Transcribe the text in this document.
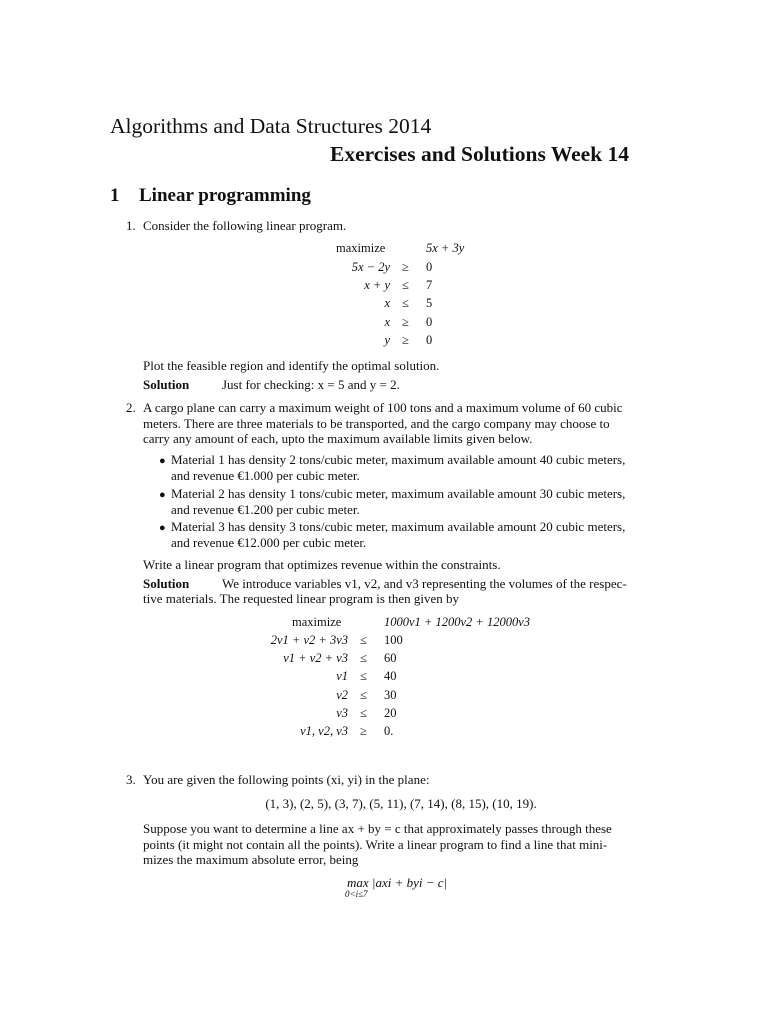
Algorithms and Data Structures 2014
Exercises and Solutions Week 14
1 Linear programming
1. Consider the following linear program.
maximize	5x + 3y
5x − 2y ≥ 0
x + y ≤ 7
x ≤ 5
x ≥ 0
y ≥ 0
Plot the feasible region and identify the optimal solution.
Solution	Just for checking: x = 5 and y = 2.
2. A cargo plane can carry a maximum weight of 100 tons and a maximum volume of 60 cubic
meters. There are three materials to be transported, and the cargo company may choose to
carry any amount of each, upto the maximum available limits given below.
● Material 1 has density 2 tons/cubic meter, maximum available amount 40 cubic meters,
and revenue €1.000 per cubic meter.
● Material 2 has density 1 tons/cubic meter, maximum available amount 30 cubic meters,
and revenue €1.200 per cubic meter.
● Material 3 has density 3 tons/cubic meter, maximum available amount 20 cubic meters,
and revenue €12.000 per cubic meter.
Write a linear program that optimizes revenue within the constraints.
Solution	We introduce variables v1, v2, and v3 representing the volumes of the respec-
tive materials. The requested linear program is then given by
maximize	1000v1 + 1200v2 + 12000v3
2v1 + v2 + 3v3 ≤ 100
v1 + v2 + v3 ≤ 60
v1 ≤ 40
v2 ≤ 30
v3 ≤ 20
v1, v2, v3 ≥ 0.
3. You are given the following points (xi, yi) in the plane:
(1, 3), (2, 5), (3, 7), (5, 11), (7, 14), (8, 15), (10, 19).
Suppose you want to determine a line ax + by = c that approximately passes through these
points (it might not contain all the points). Write a linear program to find a line that mini-
mizes the maximum absolute error, being
max |axi + byi − c|
0<i≤7
